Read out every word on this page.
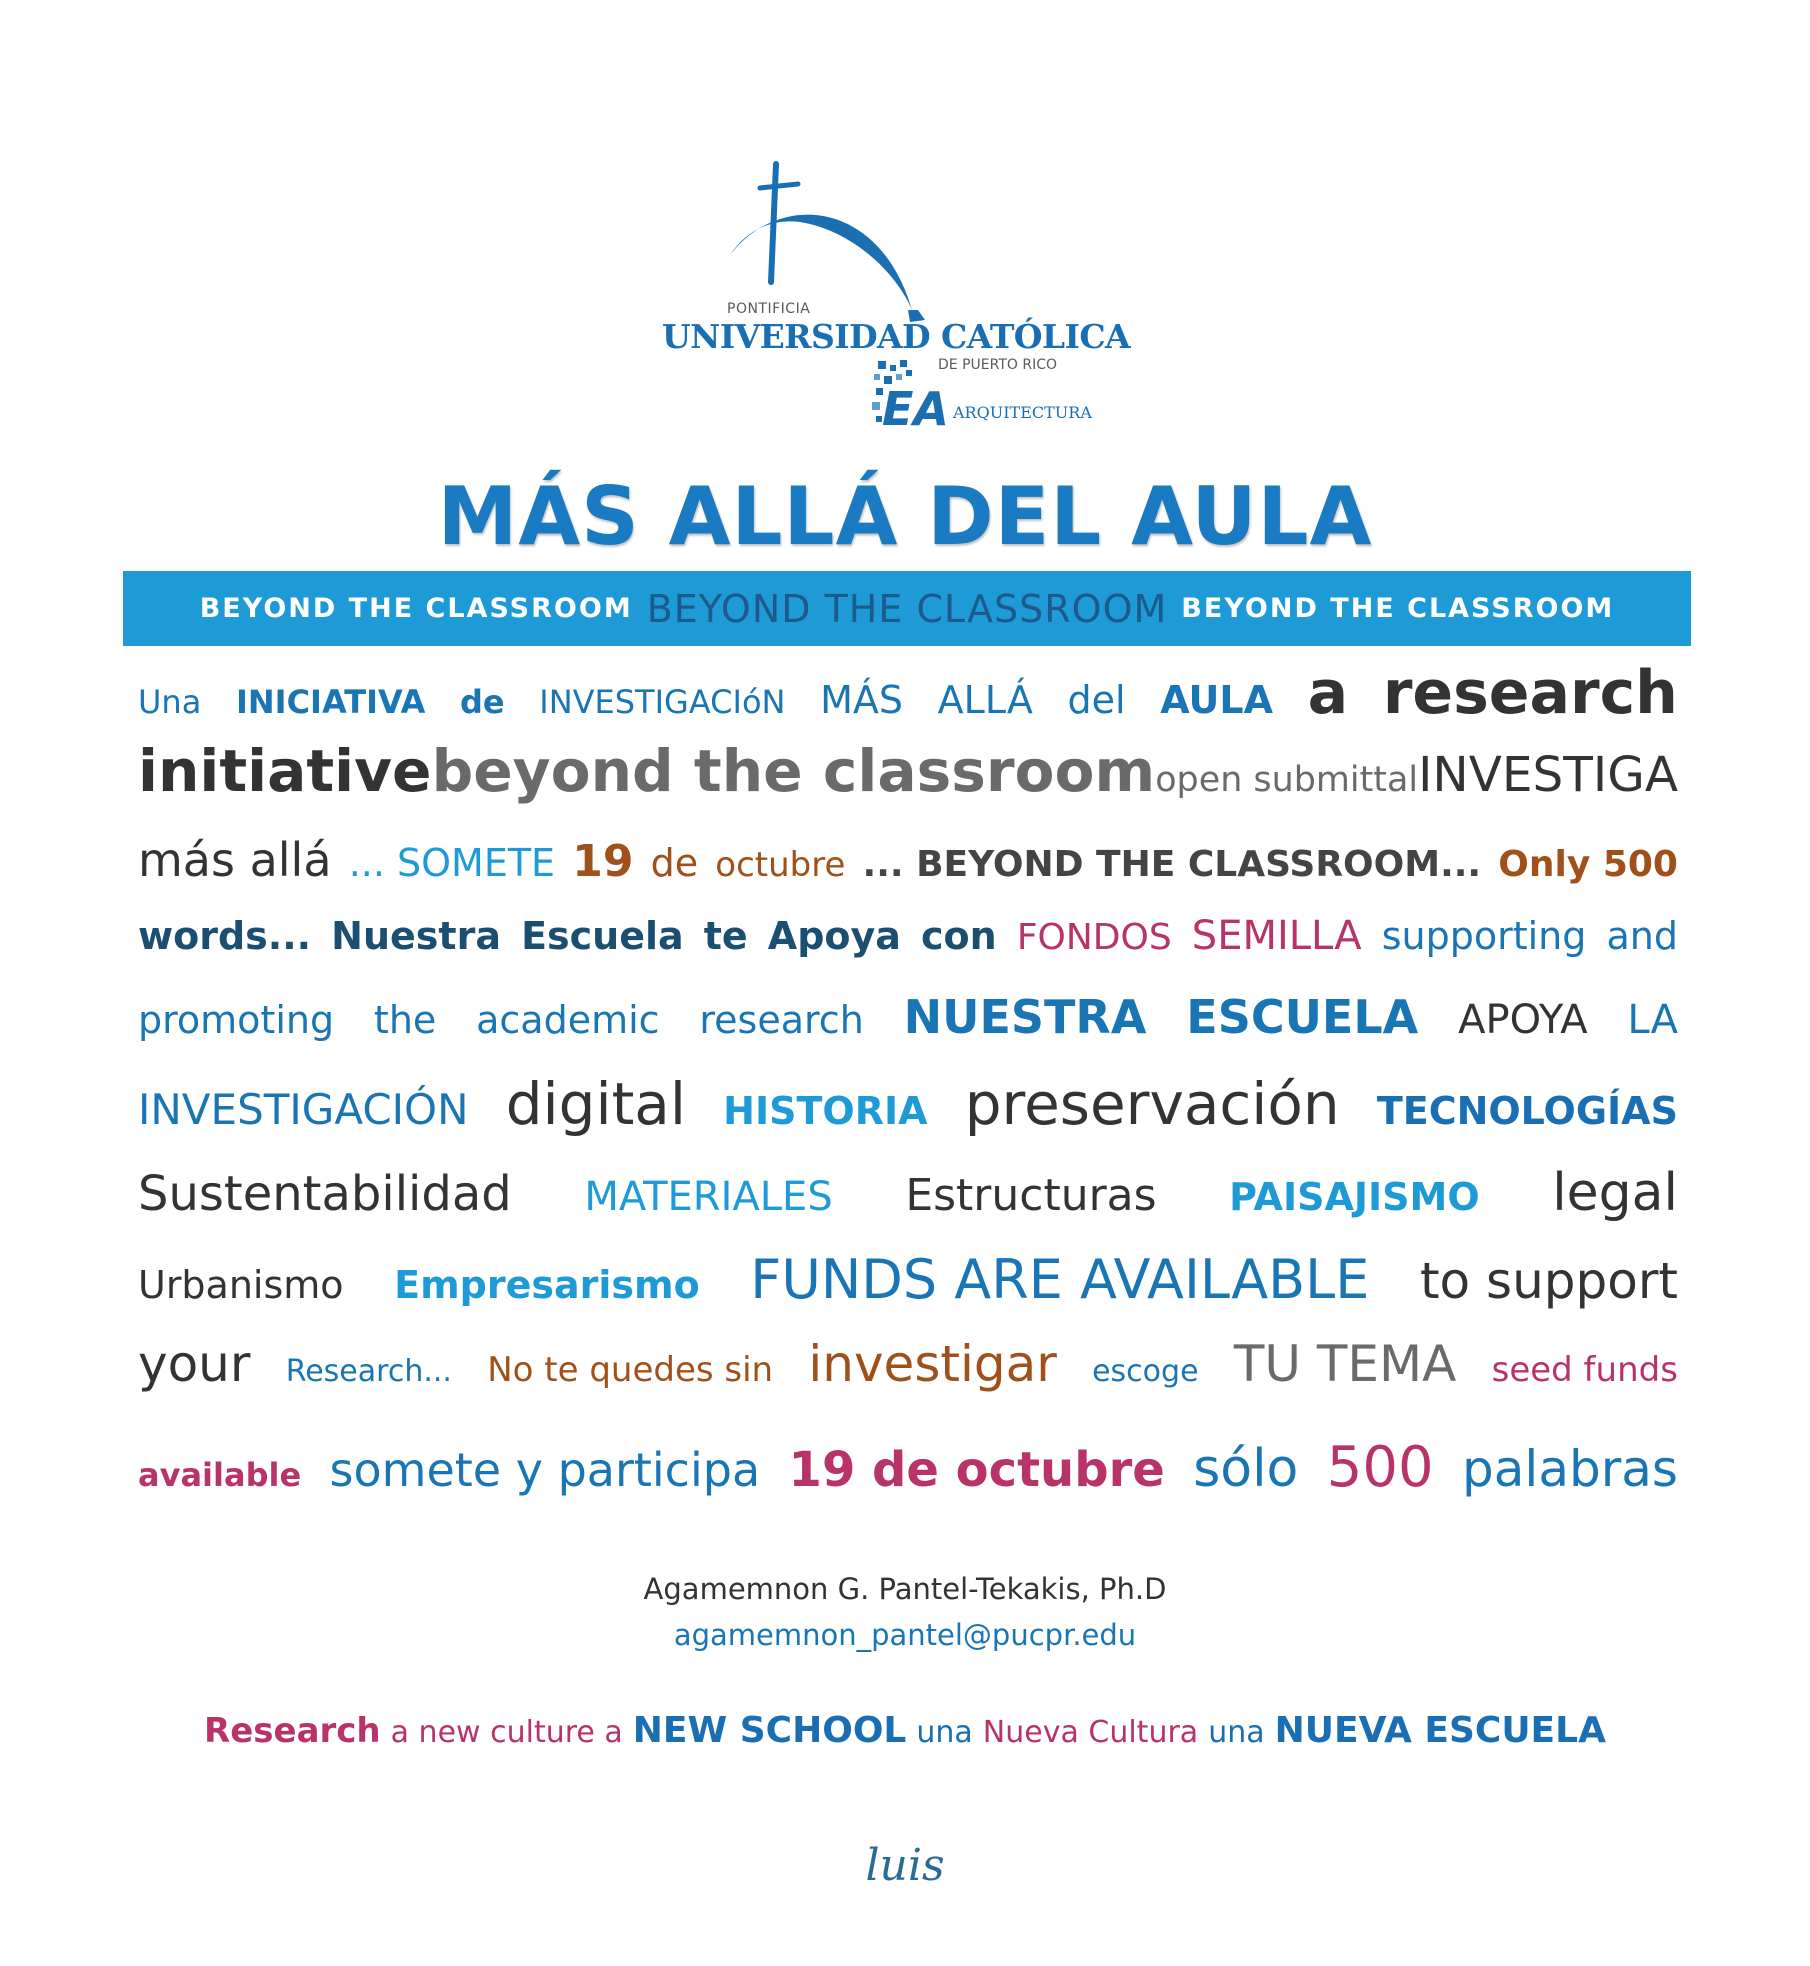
PONTIFICIA
UNIVERSIDAD CATÓLICA
DE PUERTO RICO
EA ARQUITECTURA
MÁS ALLÁ DEL AULA
BEYOND THE CLASSROOM BEYOND THE CLASSROOM BEYOND THE CLASSROOM
Una INICIATIVA de INVESTIGACIóN MÁS ALLÁ del AULA a research
initiative beyond the classroom open submittal INVESTIGA
más allá ... SOMETE 19 de octubre ... BEYOND THE CLASSROOM... Only 500
words... Nuestra Escuela te Apoya con FONDOS SEMILLA supporting and
promoting the academic research NUESTRA ESCUELA APOYA LA
INVESTIGACIÓN digital HISTORIA preservación TECNOLOGÍAS
Sustentabilidad MATERIALES Estructuras PAISAJISMO legal
Urbanismo Empresarismo FUNDS ARE AVAILABLE to support
your Research... No te quedes sin investigar escoge TU TEMA seed funds
available somete y participa 19 de octubre sólo 500 palabras
Agamemnon G. Pantel-Tekakis, Ph.D
agamemnon_pantel@pucpr.edu
Research a new culture a NEW SCHOOL una Nueva Cultura una NUEVA ESCUELA
luis
